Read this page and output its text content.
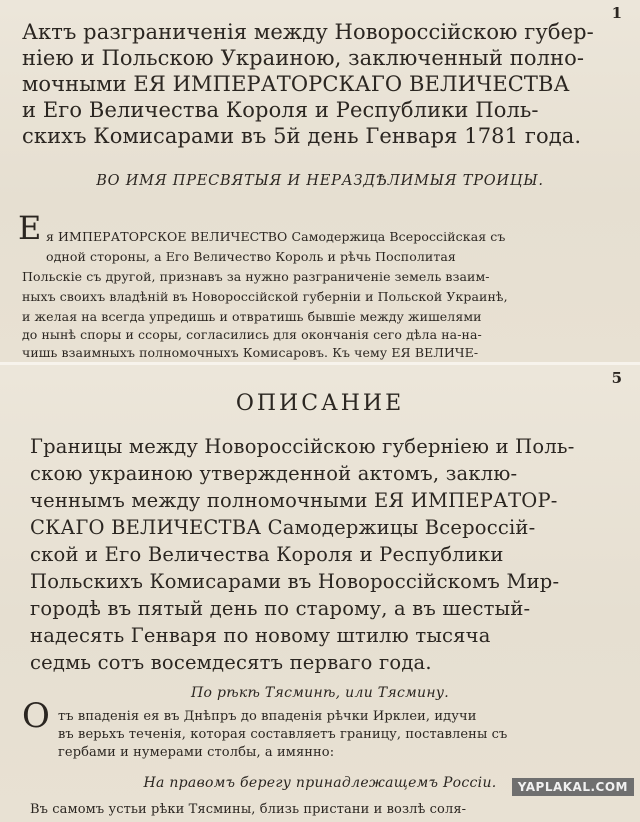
1
Актъ разграниченія между Новороссійскою губер-
ніею и Польскою Украиною, заключенный полно-
мочными ЕЯ ИМПЕРАТОРСКАГО ВЕЛИЧЕСТВА
и Его Величества Короля и Республики Поль-
скихъ Комисарами въ 5й день Генваря 1781 года.
ВО ИМЯ ПРЕСВЯТЫЯ И НЕРАЗДѢЛИМЫЯ ТРОИЦЫ.
Е я ИМПЕРАТОРСКОЕ ВЕЛИЧЕСТВО Самодержица Всероссійская съ
одной стороны, а Его Величество Король и рѣчь Посполитая
Польскіе съ другой, признавъ за нужно разграниченіе земель взаим-
ныхъ своихъ владѣній въ Новороссійской губерніи и Польской Украинѣ,
и желая на всегда упредишь и отвратишь бывшіе между жишелями
до нынѣ споры и ссоры, согласились для окончанія сего дѣла на-на-
чишь взаимныхъ полномочныхъ Комисаровъ. Къ чему ЕЯ ВЕЛИЧЕ-
5
ОПИСАНИЕ
Границы между Новороссійскою губерніею и Поль-
скою украиною утвержденной актомъ, заклю-
ченнымъ между полномочными ЕЯ ИМПЕРАТОР-
СКАГО ВЕЛИЧЕСТВА Самодержицы Всероссій-
ской и Его Величества Короля и Республики
Польскихъ Комисарами въ Новороссійскомъ Мир-
городѣ въ пятый день по старому, а въ шестый-
надесять Генваря по новому штилю тысяча
седмь сотъ восемдесятъ перваго года.
По рѣкѣ Тясминѣ, или Тясмину.
О тъ впаденія ея въ Днѣпръ до впаденія рѣчки Ирклеи, идучи
въ верьхъ теченія, которая составляетъ границу, поставлены съ
гербами и нумерами столбы, а имянно:
На правомъ берегу принадлежащемъ Россіи.
Въ самомъ устьи рѣки Тясмины, близь пристани и возлѣ соля-
YAPLAKAL.COM
